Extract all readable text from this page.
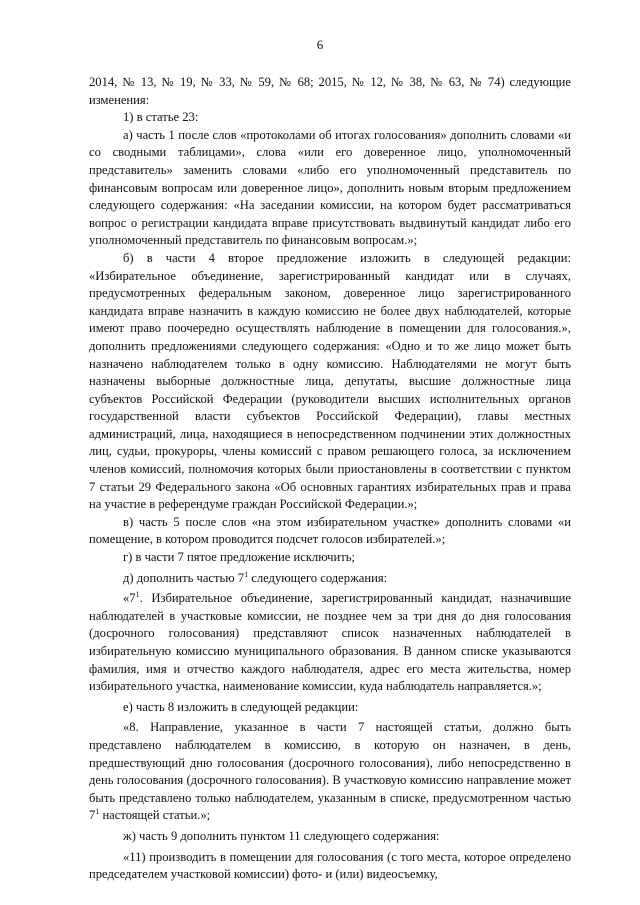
6

2014, № 13, № 19, № 33, № 59, № 68; 2015, № 12, № 38, № 63, № 74) следующие изменения:

1) в статье 23:

а) часть 1 после слов «протоколами об итогах голосования» дополнить словами «и со сводными таблицами», слова «или его доверенное лицо, уполномоченный представитель» заменить словами «либо его уполномоченный представитель по финансовым вопросам или доверенное лицо», дополнить новым вторым предложением следующего содержания: «На заседании комиссии, на котором будет рассматриваться вопрос о регистрации кандидата вправе присутствовать выдвинутый кандидат либо его уполномоченный представитель по финансовым вопросам.»;

б) в части 4 второе предложение изложить в следующей редакции: «Избирательное объединение, зарегистрированный кандидат или в случаях, предусмотренных федеральным законом, доверенное лицо зарегистрированного кандидата вправе назначить в каждую комиссию не более двух наблюдателей, которые имеют право поочередно осуществлять наблюдение в помещении для голосования.», дополнить предложениями следующего содержания: «Одно и то же лицо может быть назначено наблюдателем только в одну комиссию. Наблюдателями не могут быть назначены выборные должностные лица, депутаты, высшие должностные лица субъектов Российской Федерации (руководители высших исполнительных органов государственной власти субъектов Российской Федерации), главы местных администраций, лица, находящиеся в непосредственном подчинении этих должностных лиц, судьи, прокуроры, члены комиссий с правом решающего голоса, за исключением членов комиссий, полномочия которых были приостановлены в соответствии с пунктом 7 статьи 29 Федерального закона «Об основных гарантиях избирательных прав и права на участие в референдуме граждан Российской Федерации.»;

в) часть 5 после слов «на этом избирательном участке» дополнить словами «и помещение, в котором проводится подсчет голосов избирателей.»;

г) в части 7 пятое предложение исключить;

д) дополнить частью $7^1$ следующего содержания:

«$7^1$. Избирательное объединение, зарегистрированный кандидат, назначившие наблюдателей в участковые комиссии, не позднее чем за три дня до дня голосования (досрочного голосования) представляют список назначенных наблюдателей в избирательную комиссию муниципального образования. В данном списке указываются фамилия, имя и отчество каждого наблюдателя, адрес его места жительства, номер избирательного участка, наименование комиссии, куда наблюдатель направляется.»;

е) часть 8 изложить в следующей редакции:

«8. Направление, указанное в части 7 настоящей статьи, должно быть представлено наблюдателем в комиссию, в которую он назначен, в день, предшествующий дню голосования (досрочного голосования), либо непосредственно в день голосования (досрочного голосования). В участковую комиссию направление может быть представлено только наблюдателем, указанным в списке, предусмотренном частью $7^1$ настоящей статьи.»;

ж) часть 9 дополнить пунктом 11 следующего содержания:

«11) производить в помещении для голосования (с того места, которое определено председателем участковой комиссии) фото- и (или) видеосъемку,
